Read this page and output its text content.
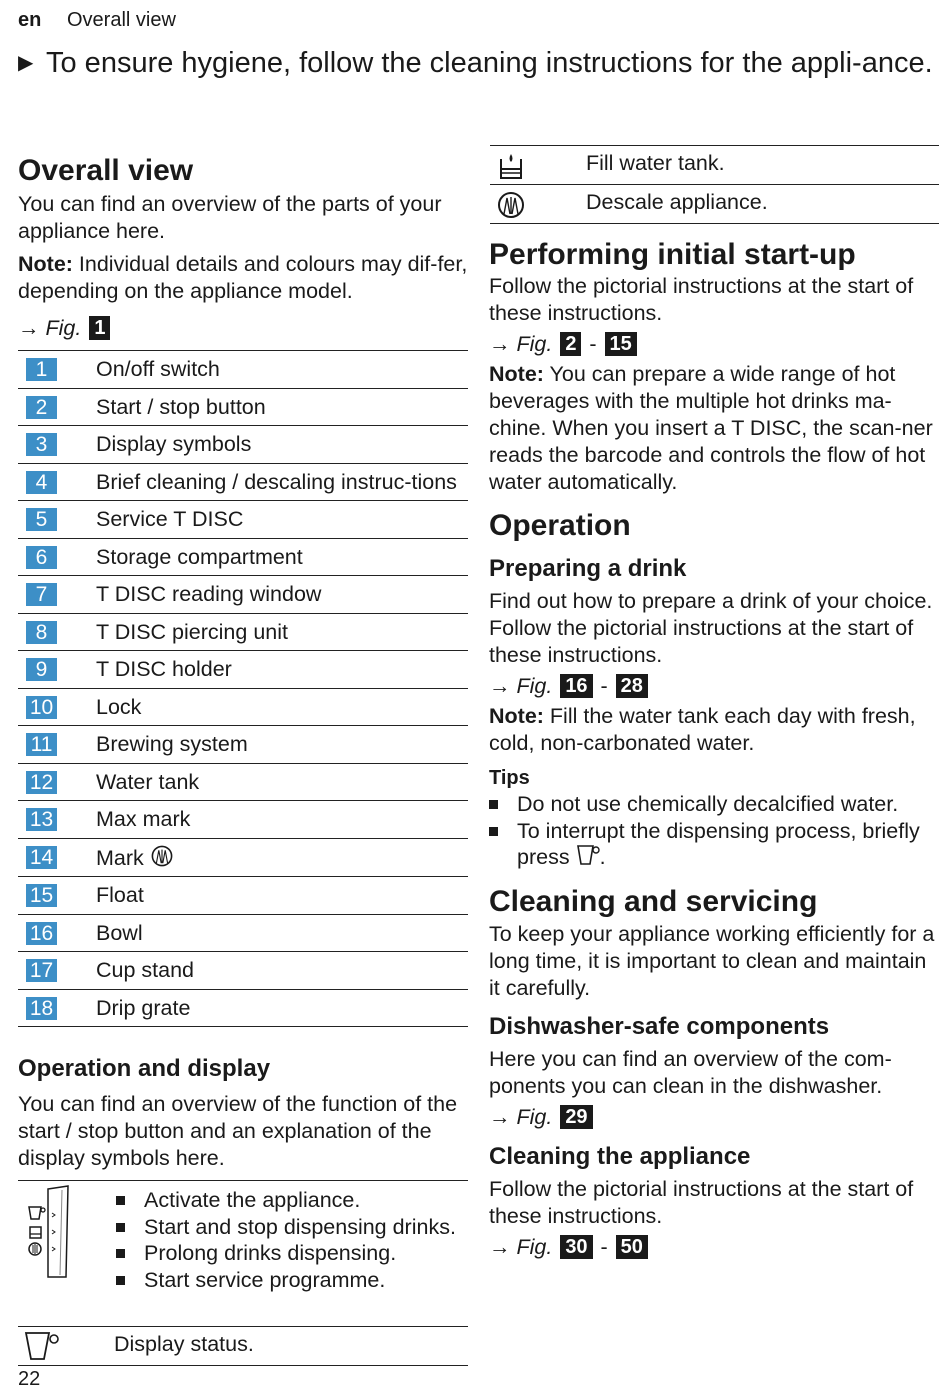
en Overall view
▶ To ensure hygiene, follow the cleaning instructions for the appli-ance.
Overall view

You can find an overview of the parts of your appliance here.

Note: Individual details and colours may dif-fer, depending on the appliance model.

→ Fig. 1
1	On/off switch
2	Start / stop button
3	Display symbols
4	Brief cleaning / descaling instruc-tions
5	Service T DISC
6	Storage compartment
7	T DISC reading window
8	T DISC piercing unit
9	T DISC holder
10 Lock
11 Brewing system
12 Water tank
13 Max mark
14 Mark
15 Float
16 Bowl
17 Cup stand
18 Drip grate
Operation and display

You can find an overview of the function of the start / stop button and an explanation of the display symbols here.

Activate the appliance.
Start and stop dispensing drinks.
Prolong drinks dispensing.
Start service programme.
Display status.
22
Fill water tank.
Descale appliance.
Performing initial start-up

Follow the pictorial instructions at the start of these instructions.

→ Fig. 2 - 15

Note: You can prepare a wide range of hot beverages with the multiple hot drinks ma-chine. When you insert a T DISC, the scan-ner reads the barcode and controls the flow of hot water automatically.

Operation
Preparing a drink

Find out how to prepare a drink of your choice. Follow the pictorial instructions at the start of these instructions.

→ Fig. 16 - 28

Note: Fill the water tank each day with fresh, cold, non-carbonated water.

Tips
Do not use chemically decalcified water.
To interrupt the dispensing process, briefly press .
Cleaning and servicing

To keep your appliance working efficiently for a long time, it is important to clean and maintain it carefully.

Dishwasher-safe components

Here you can find an overview of the com-ponents you can clean in the dishwasher.

→ Fig. 29
Cleaning the appliance

Follow the pictorial instructions at the start of these instructions.

→ Fig. 30 - 50
